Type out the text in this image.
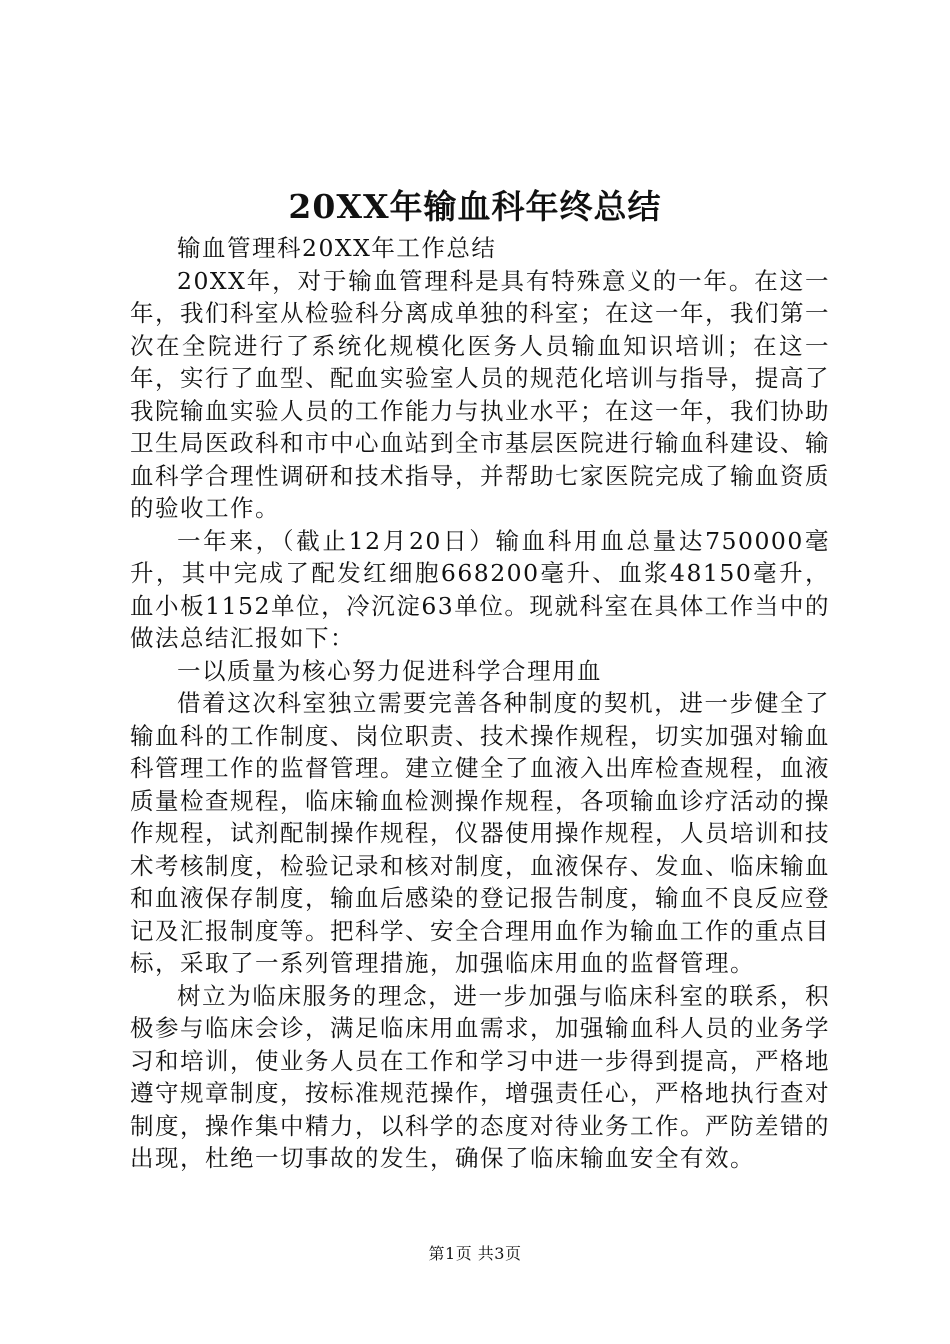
20XX年输血科年终总结

输血管理科20XX年工作总结

20XX年，对于输血管理科是具有特殊意义的一年。在这一年，我们科室从检验科分离成单独的科室；在这一年，我们第一次在全院进行了系统化规模化医务人员输血知识培训；在这一年，实行了血型、配血实验室人员的规范化培训与指导，提高了我院输血实验人员的工作能力与执业水平；在这一年，我们协助卫生局医政科和市中心血站到全市基层医院进行输血科建设、输血科学合理性调研和技术指导，并帮助七家医院完成了输血资质的验收工作。

一年来，（截止12月20日）输血科用血总量达750000毫升，其中完成了配发红细胞668200毫升、血浆48150毫升，血小板1152单位，冷沉淀63单位。现就科室在具体工作当中的做法总结汇报如下：

一以质量为核心努力促进科学合理用血

借着这次科室独立需要完善各种制度的契机，进一步健全了输血科的工作制度、岗位职责、技术操作规程，切实加强对输血科管理工作的监督管理。建立健全了血液入出库检查规程，血液质量检查规程，临床输血检测操作规程，各项输血诊疗活动的操作规程，试剂配制操作规程，仪器使用操作规程，人员培训和技术考核制度，检验记录和核对制度，血液保存、发血、临床输血和血液保存制度，输血后感染的登记报告制度，输血不良反应登记及汇报制度等。把科学、安全合理用血作为输血工作的重点目标，采取了一系列管理措施，加强临床用血的监督管理。

树立为临床服务的理念，进一步加强与临床科室的联系，积极参与临床会诊，满足临床用血需求，加强输血科人员的业务学习和培训，使业务人员在工作和学习中进一步得到提高，严格地遵守规章制度，按标准规范操作，增强责任心，严格地执行查对制度，操作集中精力，以科学的态度对待业务工作。严防差错的出现，杜绝一切事故的发生，确保了临床输血安全有效。

第1页 共3页
